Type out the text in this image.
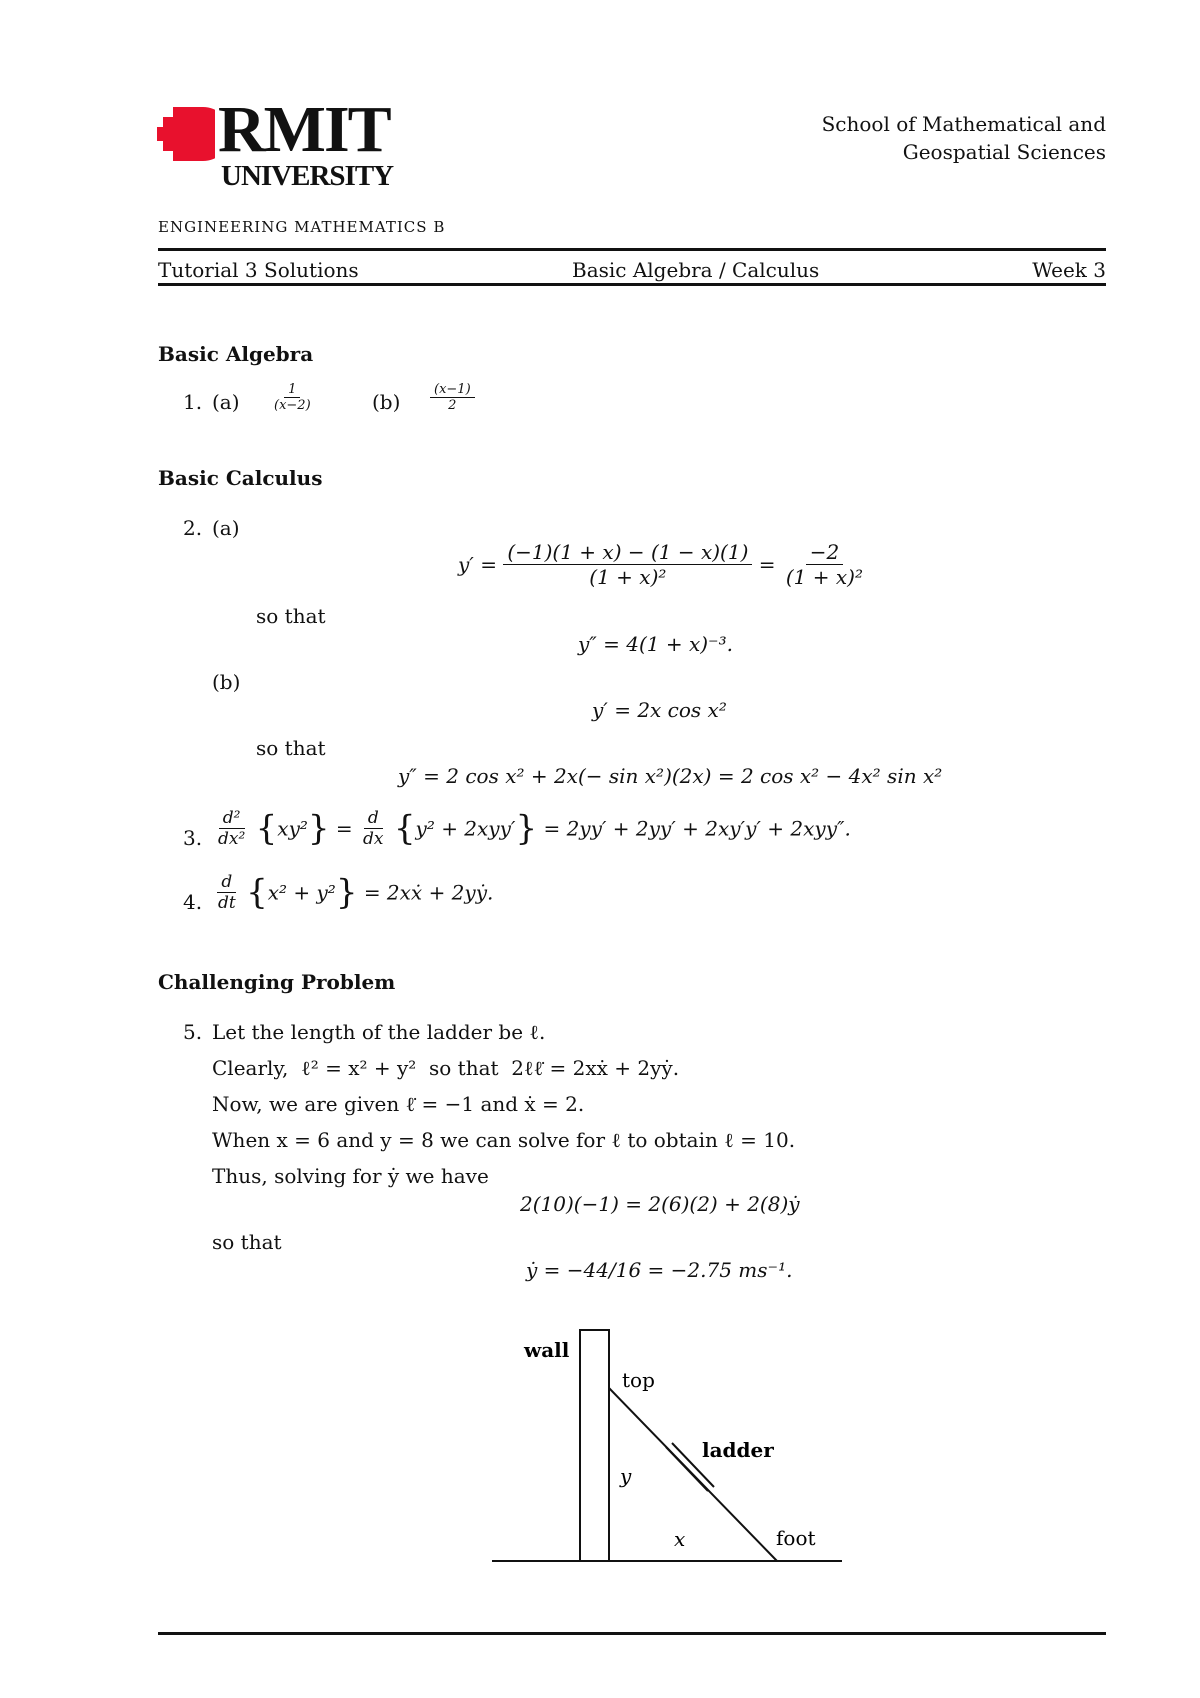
RMIT
UNIVERSITY
School of Mathematical and
Geospatial Sciences
ENGINEERING MATHEMATICS B
Tutorial 3 Solutions	Basic Algebra / Calculus	Week 3
Basic Algebra
1. $(a) \frac{1}{(x-2)}$	$(b) \frac{(x-1)}{2}$
Basic Calculus
2. (a)
$y' = \frac{(-1)(1 + x) - (1 - x)(1)}{\text{(1 + x)²}} = \frac{-2}{\text{(1 + x)²}}$
so that
y″ = 4(1 + x)⁻³.
(b)
y′ = 2x cos x²
so that
y″ = 2 cos x² + 2x(− sin x²)(2x) = 2 cos x² − 4x² sin x²
3. $\frac{\text{d²}}{\text{dx²}} \{xy^2\} = \frac{d}{dx} \{y^2 + 2xyy'\} = 2yy' + 2yy' + 2xy'y' + 2xyy''$.
4. $\frac{d}{dt} \{x^2 + y^2\}$ = 2xẋ + 2yẏ.
Challenging Problem
5. Let the length of the ladder be ℓ.
Clearly,  ℓ² = x² + y²  so that  2ℓℓ̇ = 2xẋ + 2yẏ.
Now, we are given ℓ̇ = −1 and ẋ = 2.
When x = 6 and y = 8 we can solve for ℓ to obtain ℓ = 10.
Thus, solving for ẏ we have
2(10)(−1) = 2(6)(2) + 2(8)ẏ
so that
ẏ = −44/16 = −2.75 ms⁻¹.
wall
top
ladder
y
x	foot
